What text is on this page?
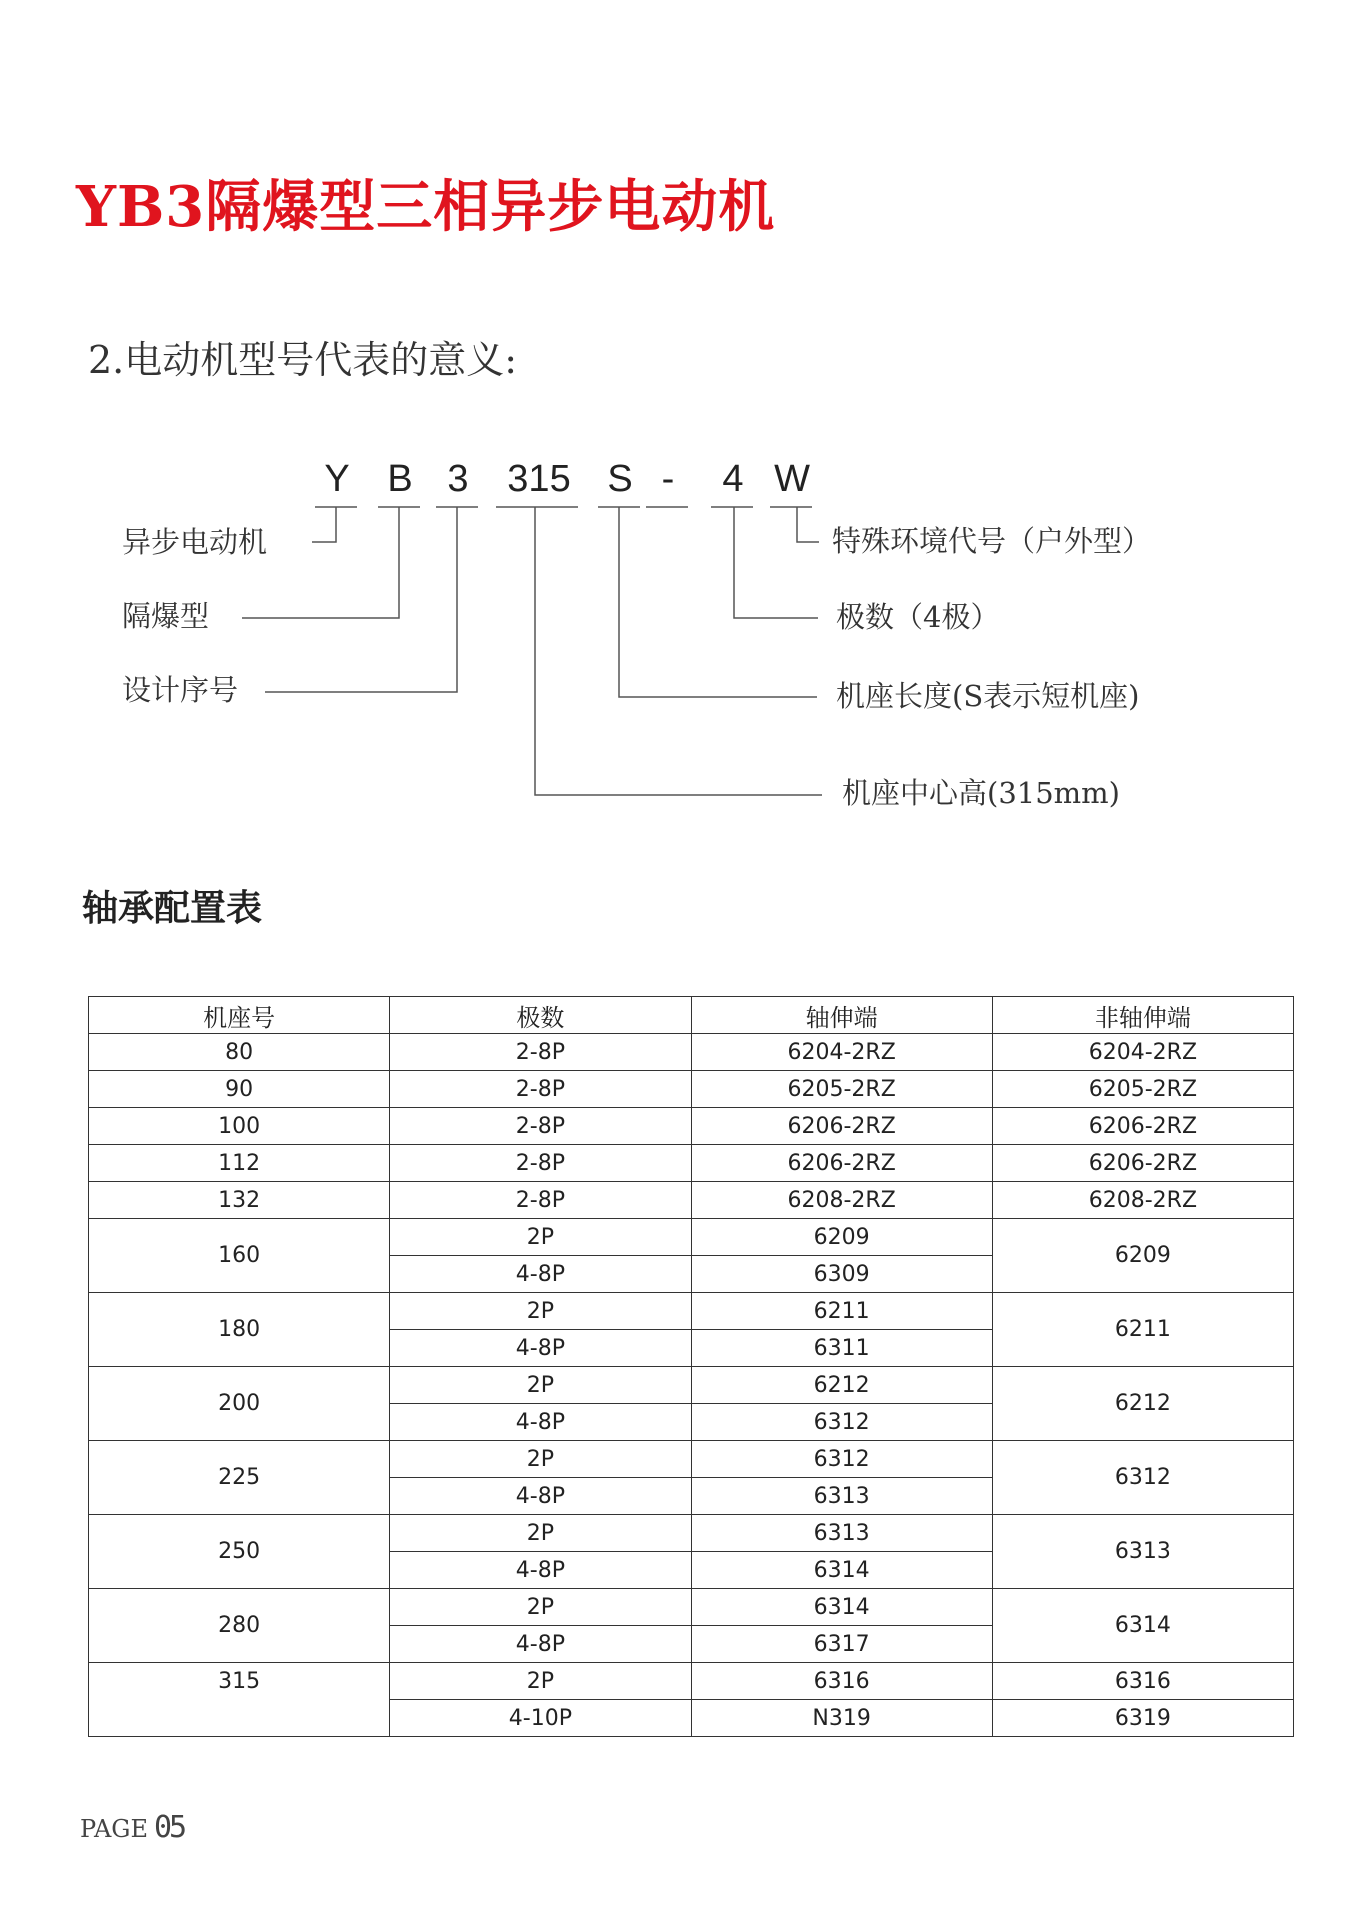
YB3隔爆型三相异步电动机
2.电动机型号代表的意义:
Y B 3	315 S -	4 W
异步电动机
隔爆型
设计序号
特殊环境代号（户外型）
极数（4极）
机座长度(S表示短机座)
机座中心高(315mm)
轴承配置表
机座号	极数	轴伸端	非轴伸端
80	2-8P	6204-2RZ	6204-2RZ
90	2-8P	6205-2RZ	6205-2RZ
100	2-8P	6206-2RZ	6206-2RZ
112	2-8P	6206-2RZ	6206-2RZ
132	2-8P	6208-2RZ	6208-2RZ
160	2P	6209	6209
	4-8P	6309	
180	2P	6211	6211
	4-8P	6311	
200	2P	6212	6212
	4-8P	6312	
225	2P	6312	6312
	4-8P	6313	
250	2P	6313	6313
	4-8P	6314	
280	2P	6314	6314
	4-8P	6317	
315	2P	6316	6316
	4-10P	N319	6319
PAGE 05
